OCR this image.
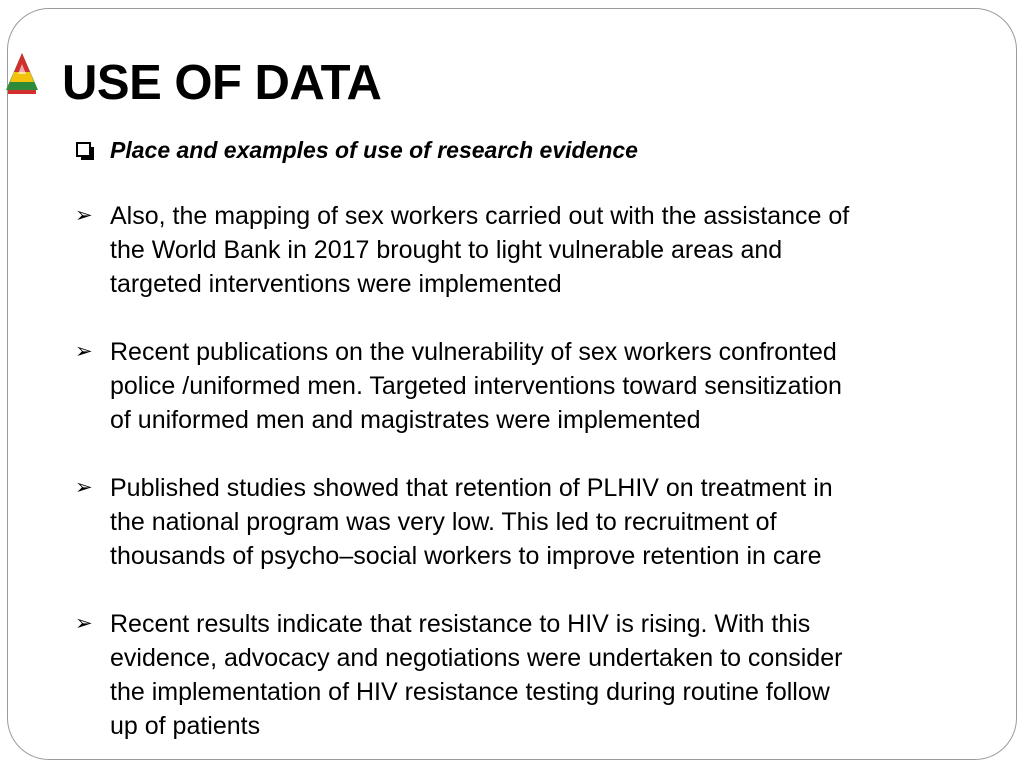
USE OF DATA
Place and examples of use of research evidence
➢ Also, the mapping of sex workers carried out with the assistance of
the World Bank in 2017 brought to light vulnerable areas and
targeted interventions were implemented
➢ Recent publications on the vulnerability of sex workers confronted
police /uniformed men. Targeted interventions toward sensitization
of uniformed men and magistrates were implemented
➢ Published studies showed that retention of PLHIV on treatment in
the national program was very low. This led to recruitment of
thousands of psycho–social workers to improve retention in care
➢ Recent results indicate that resistance to HIV is rising. With this
evidence, advocacy and negotiations were undertaken to consider
the implementation of HIV resistance testing during routine follow
up of patients
